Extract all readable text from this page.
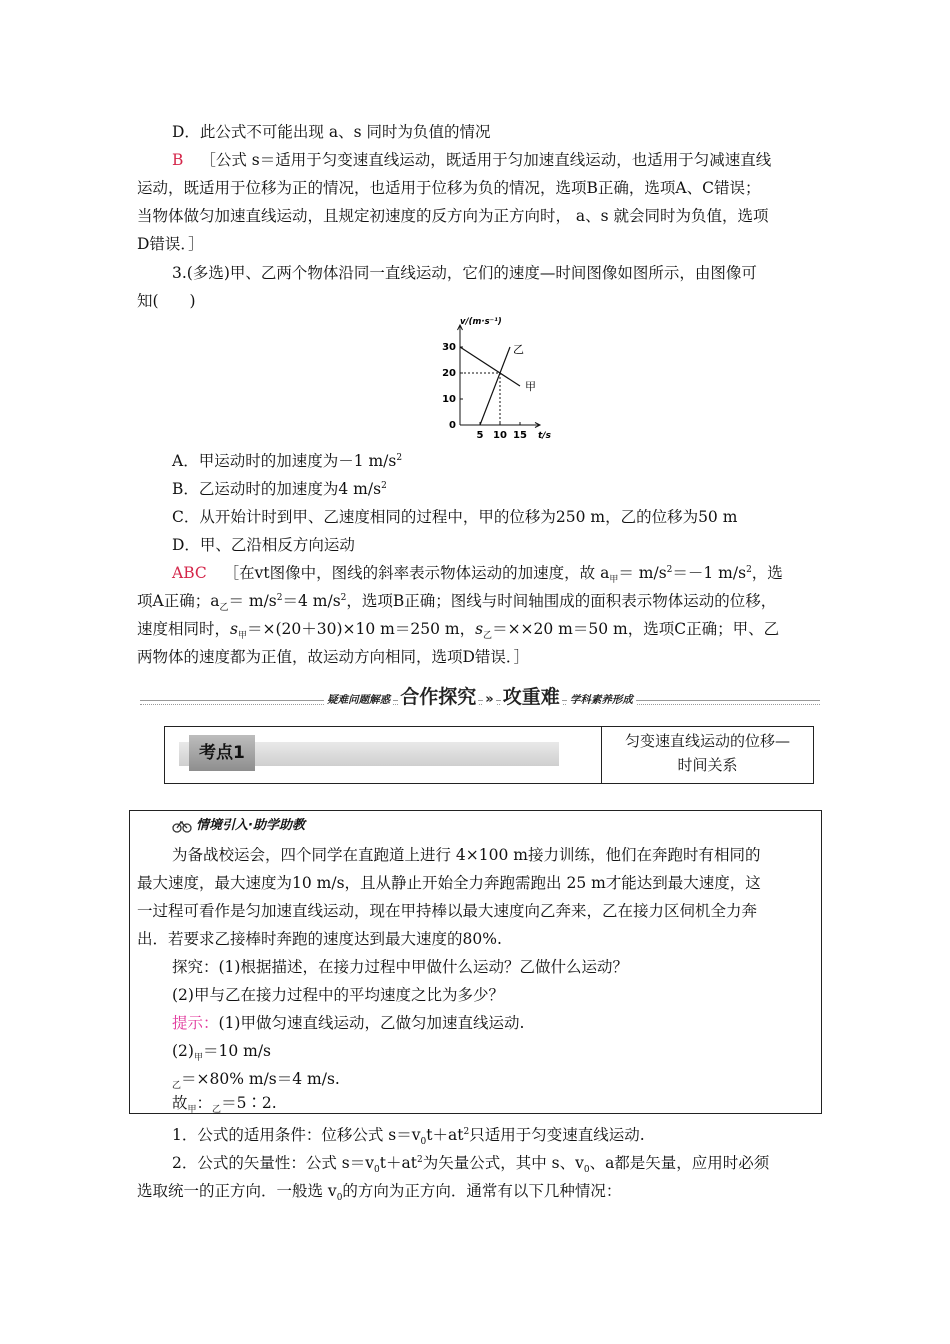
D．此公式不可能出现 a、s 同时为负值的情况
B ［公式 s＝适用于匀变速直线运动，既适用于匀加速直线运动，也适用于匀减速直线
运动，既适用于位移为正的情况，也适用于位移为负的情况，选项B正确，选项A、C错误；
当物体做匀加速直线运动，且规定初速度的反方向为正方向时， a、s 就会同时为负值，选项
D错误．］
3.(多选)甲、乙两个物体沿同一直线运动，它们的速度—时间图像如图所示，由图像可
知(　　)
v/(m·s⁻¹)
t/s
30
20
10
0
5 10 15
甲
乙
A．甲运动时的加速度为－1 $m/s^2$
B．乙运动时的加速度为4 $m/s^2$
C．从开始计时到甲、乙速度相同的过程中，甲的位移为250 m，乙的位移为50 m
D．甲、乙沿相反方向运动
ABC ［在vt图像中，图线的斜率表示物体运动的加速度，故 $a_甲= m/s^2=-1$ $m/s^2$，选
项A正确；$a_乙= m/s^2=4$ $m/s^2$，选项B正确；图线与时间轴围成的面积表示物体运动的位移，
速度相同时，$s_甲=\times(20+30)\times 10$ m＝250 m，$s_乙=\times\times 20$ m＝50 m，选项C正确；甲、乙
两物体的速度都为正值，故运动方向相同，选项D错误．］
疑难问题解惑 合作探究 » 攻重难 学科素养形成
考点1
匀变速直线运动的位移—
时间关系
情境引入·助学助教
为备战校运会，四个同学在直跑道上进行 4×100 m接力训练，他们在奔跑时有相同的
最大速度，最大速度为10 m/s，且从静止开始全力奔跑需跑出 25 m才能达到最大速度，这
一过程可看作是匀加速直线运动，现在甲持棒以最大速度向乙奔来，乙在接力区伺机全力奔
出．若要求乙接棒时奔跑的速度达到最大速度的80%.
探究：(1)根据描述，在接力过程中甲做什么运动？乙做什么运动？
(2)甲与乙在接力过程中的平均速度之比为多少？
提示：(1)甲做匀速直线运动，乙做匀加速直线运动.
$(2)_甲=10$ m/s
$_乙$＝×80% m/s＝4 m/s.
故$_甲$：$_乙$＝5∶2.
1．公式的适用条件：位移公式 $s=v_0t+at^2$只适用于匀变速直线运动.
2．公式的矢量性：公式 $s=v_0t+at^2$为矢量公式，其中 s、$v_0$、a都是矢量，应用时必须
选取统一的正方向．一般选 $v_0$的方向为正方向．通常有以下几种情况：
